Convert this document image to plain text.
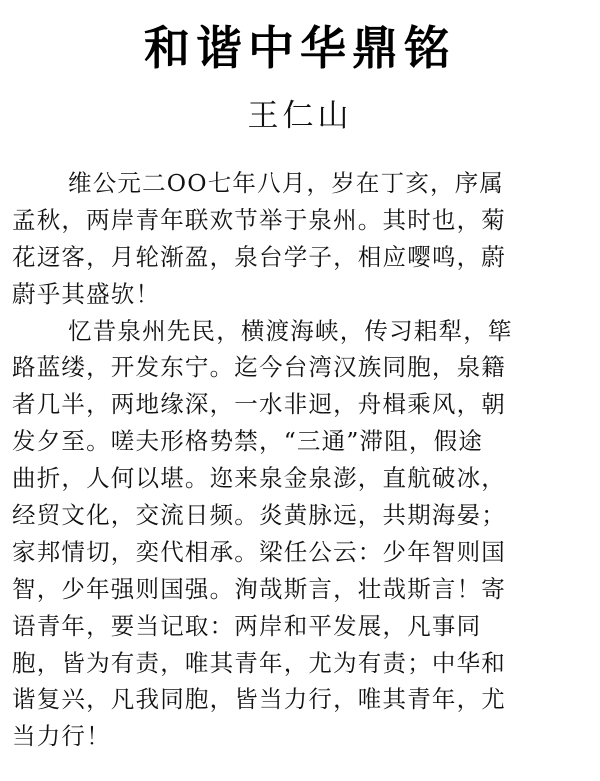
和谐中华鼎铭
王仁山
维公元二OO七年八月，岁在丁亥，序属
孟秋，两岸青年联欢节举于泉州。其时也，菊
花迓客，月轮渐盈，泉台学子，相应嘤鸣，蔚
蔚乎其盛欤！
忆昔泉州先民，横渡海峡，传习耜犁，筚
路蓝缕，开发东宁。迄今台湾汉族同胞，泉籍
者几半，两地缘深，一水非迥，舟楫乘风，朝
发夕至。嗟夫形格势禁，“三通”滞阻，假途
曲折，人何以堪。迩来泉金泉澎，直航破冰，
经贸文化，交流日频。炎黄脉远，共期海晏；
家邦情切，奕代相承。梁任公云：少年智则国
智，少年强则国强。洵哉斯言，壮哉斯言！寄
语青年，要当记取：两岸和平发展，凡事同
胞，皆为有责，唯其青年，尤为有责；中华和
谐复兴，凡我同胞，皆当力行，唯其青年，尤
当力行！
